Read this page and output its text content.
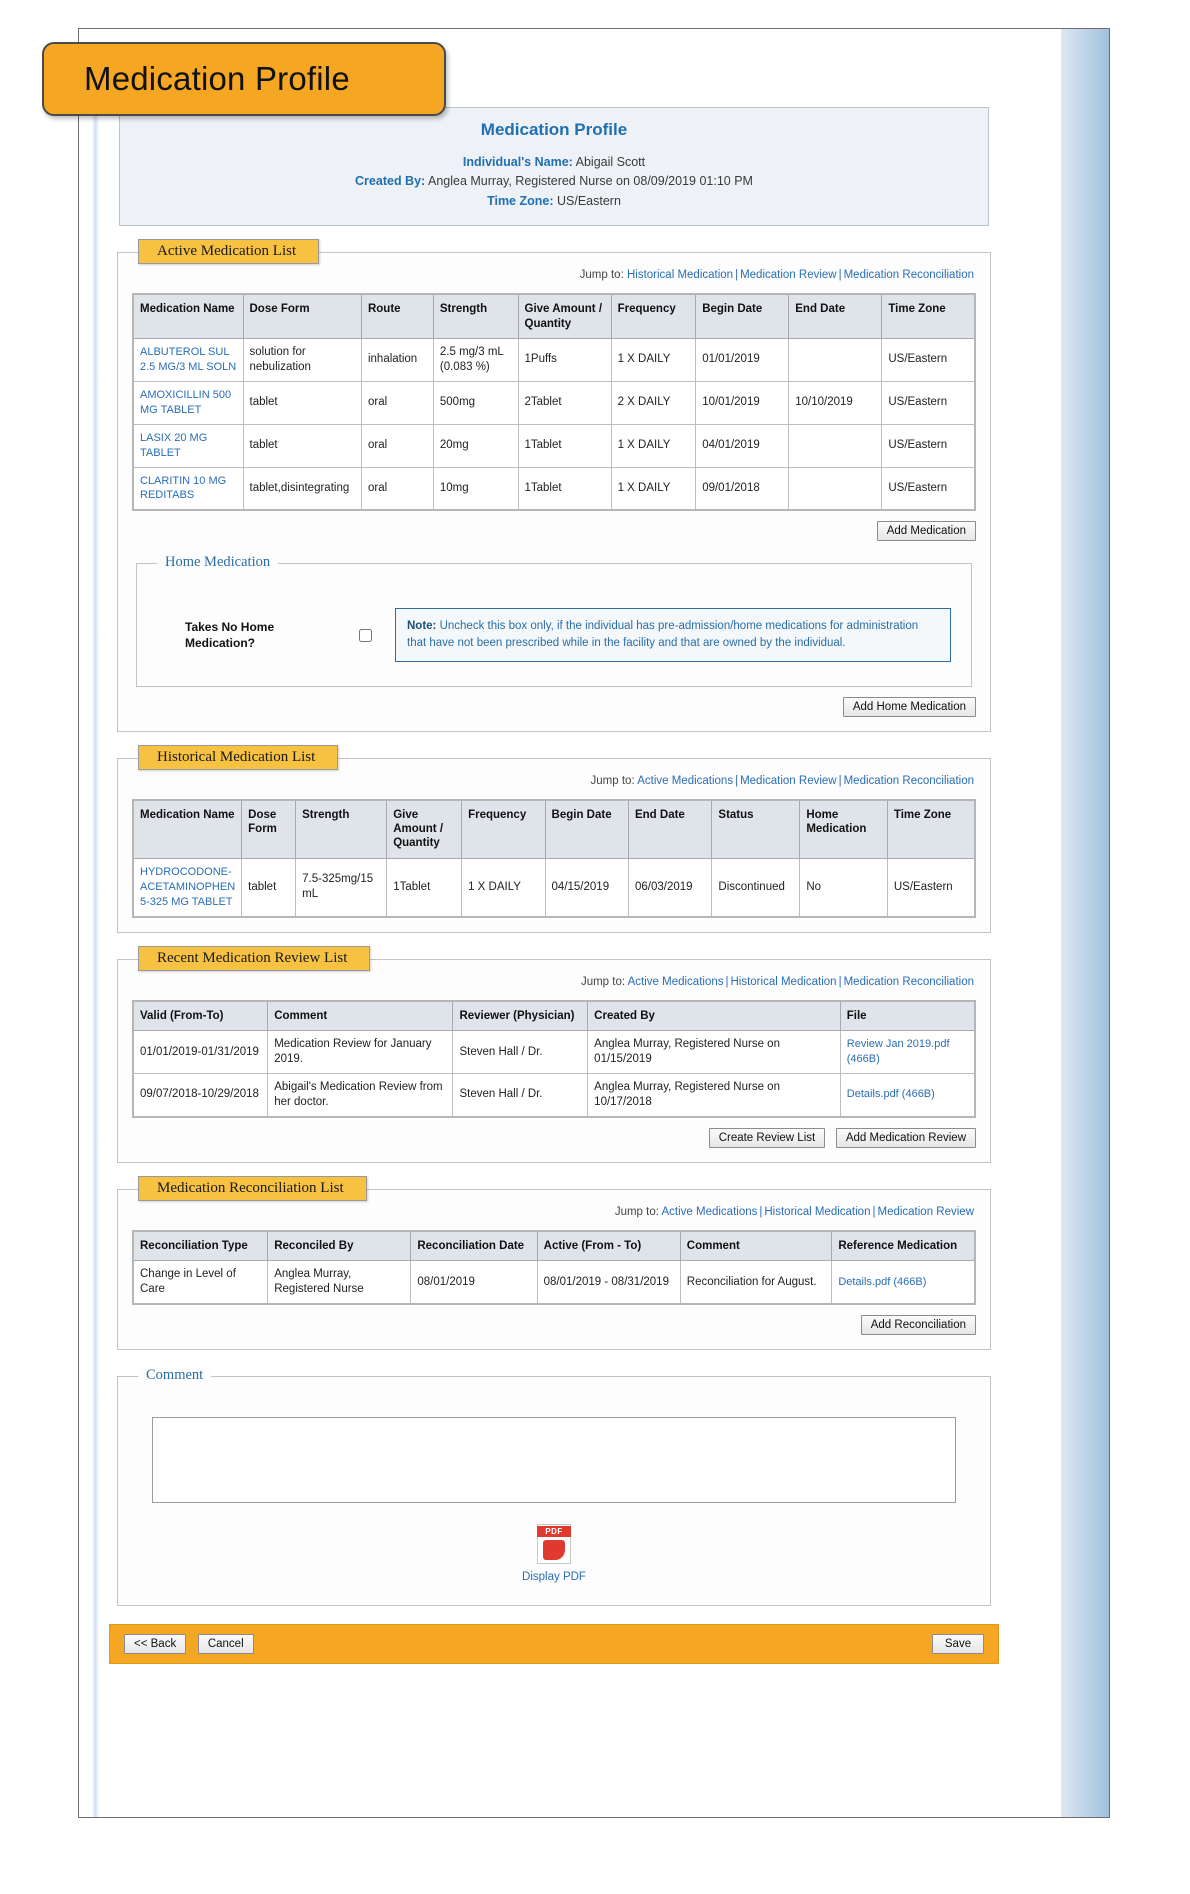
Medication Profile
Medication Profile
Individual's Name: Abigail Scott
Created By: Anglea Murray, Registered Nurse on 08/09/2019 01:10 PM
Time Zone: US/Eastern
Active Medication List
Jump to: Historical Medication | Medication Review | Medication Reconciliation
Medication Name	Dose Form	Route	Strength	Give Amount / Quantity	Frequency	Begin Date	End Date	Time Zone
ALBUTEROL SUL 2.5 MG/3 ML SOLN	solution for nebulization	inhalation	2.5 mg/3 mL (0.083 %)	1Puffs	1 X DAILY	01/01/2019		US/Eastern
AMOXICILLIN 500 MG TABLET	tablet	oral	500mg	2Tablet	2 X DAILY	10/01/2019	10/10/2019	US/Eastern
LASIX 20 MG TABLET	tablet	oral	20mg	1Tablet	1 X DAILY	04/01/2019		US/Eastern
CLARITIN 10 MG REDITABS	tablet,disintegrating	oral	10mg	1Tablet	1 X DAILY	09/01/2018		US/Eastern
Add Medication
Home Medication
Takes No Home Medication?
Note: Uncheck this box only, if the individual has pre-admission/home medications for administration that have not been prescribed while in the facility and that are owned by the individual.
Add Home Medication
Historical Medication List
Jump to: Active Medications | Medication Review | Medication Reconciliation
Medication Name	Dose Form	Strength	Give Amount / Quantity	Frequency	Begin Date	End Date	Status	Home Medication	Time Zone
HYDROCODONE-ACETAMINOPHEN 5-325 MG TABLET	tablet	7.5-325mg/15 mL	1Tablet	1 X DAILY	04/15/2019	06/03/2019	Discontinued	No	US/Eastern
Recent Medication Review List
Jump to: Active Medications | Historical Medication | Medication Reconciliation
Valid (From-To)	Comment	Reviewer (Physician)	Created By	File
01/01/2019-01/31/2019	Medication Review for January 2019.	Steven Hall / Dr.	Anglea Murray, Registered Nurse on 01/15/2019	Review Jan 2019.pdf (466B)
09/07/2018-10/29/2018	Abigail's Medication Review from her doctor.	Steven Hall / Dr.	Anglea Murray, Registered Nurse on 10/17/2018	Details.pdf (466B)
Create Review List	Add Medication Review
Medication Reconciliation List
Jump to: Active Medications | Historical Medication | Medication Review
Reconciliation Type	Reconciled By	Reconciliation Date	Active (From - To)	Comment	Reference Medication
Change in Level of Care	Anglea Murray, Registered Nurse	08/01/2019	08/01/2019 - 08/31/2019	Reconciliation for August.	Details.pdf (466B)
Add Reconciliation
Comment
PDF
Display PDF
<< Back	Cancel	Save
